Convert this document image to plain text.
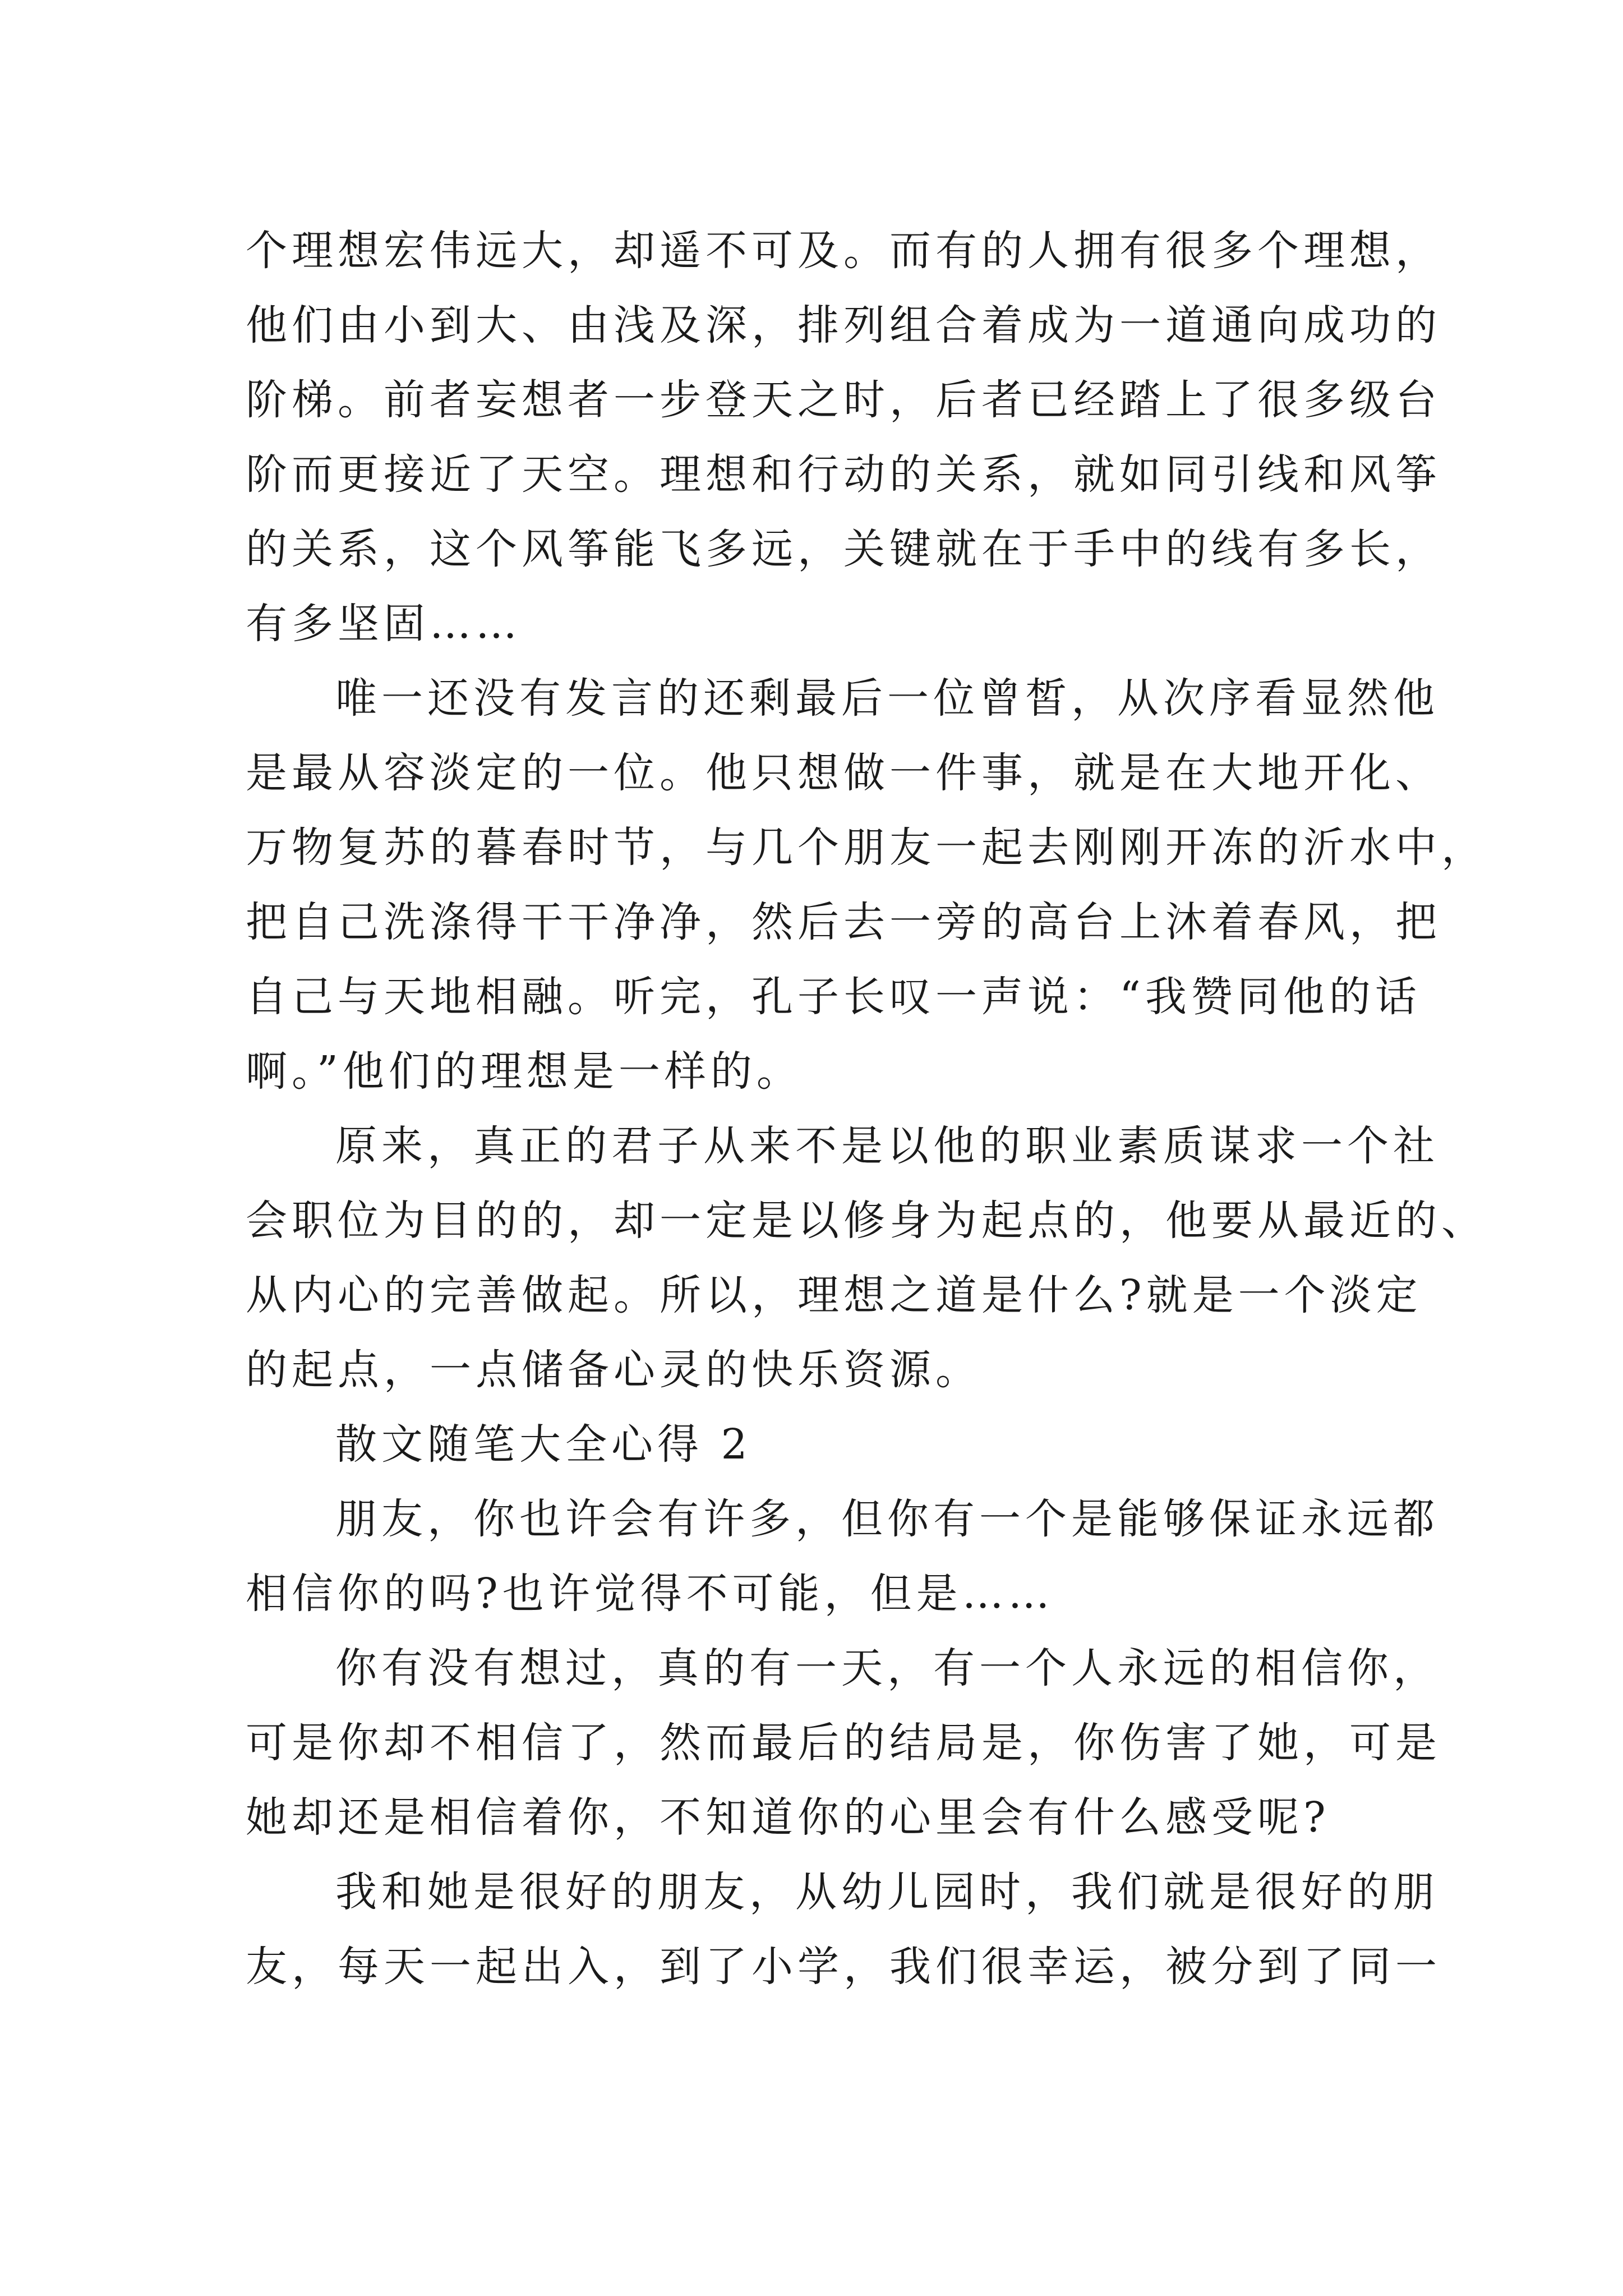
个理想宏伟远大，却遥不可及。而有的人拥有很多个理想，
他们由小到大、由浅及深，排列组合着成为一道通向成功的
阶梯。前者妄想者一步登天之时，后者已经踏上了很多级台
阶而更接近了天空。理想和行动的关系，就如同引线和风筝
的关系，这个风筝能飞多远，关键就在于手中的线有多长，
有多坚固……
唯一还没有发言的还剩最后一位曾皙，从次序看显然他
是最从容淡定的一位。他只想做一件事，就是在大地开化、
万物复苏的暮春时节，与几个朋友一起去刚刚开冻的沂水中，
把自己洗涤得干干净净，然后去一旁的高台上沐着春风，把
自己与天地相融。听完，孔子长叹一声说：“我赞同他的话
啊。”他们的理想是一样的。
原来，真正的君子从来不是以他的职业素质谋求一个社
会职位为目的的，却一定是以修身为起点的，他要从最近的、
从内心的完善做起。所以，理想之道是什么?就是一个淡定
的起点，一点储备心灵的快乐资源。
散文随笔大全心得 2
朋友，你也许会有许多，但你有一个是能够保证永远都
相信你的吗?也许觉得不可能，但是……
你有没有想过，真的有一天，有一个人永远的相信你，
可是你却不相信了，然而最后的结局是，你伤害了她，可是
她却还是相信着你，不知道你的心里会有什么感受呢?
我和她是很好的朋友，从幼儿园时，我们就是很好的朋
友，每天一起出入，到了小学，我们很幸运，被分到了同一
